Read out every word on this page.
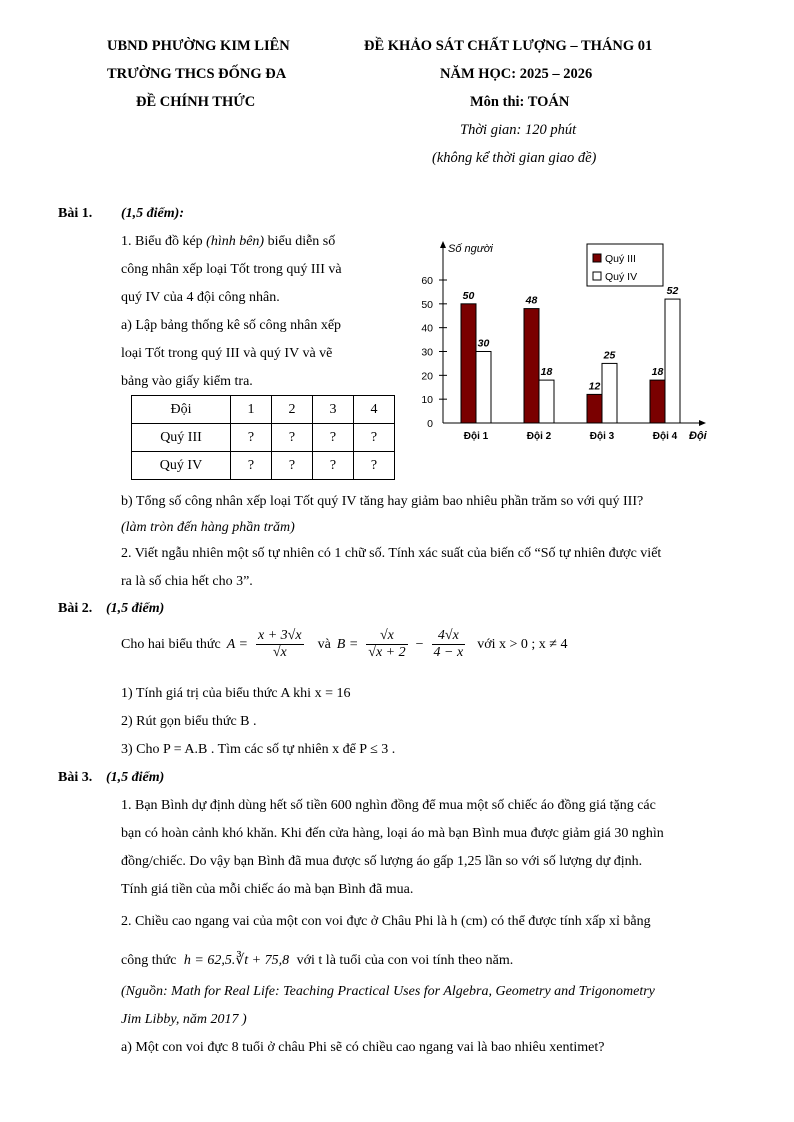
UBND PHƯỜNG KIM LIÊN
TRƯỜNG THCS ĐỐNG ĐA
ĐỀ CHÍNH THỨC
ĐỀ KHẢO SÁT CHẤT LƯỢNG – THÁNG 01
NĂM HỌC: 2025 – 2026
Môn thi: TOÁN
Thời gian: 120 phút
(không kể thời gian giao đề)
Bài 1. (1,5 điểm):
1. Biểu đồ kép (hình bên) biểu diễn số
công nhân xếp loại Tốt trong quý III và
quý IV của 4 đội công nhân.
a) Lập bảng thống kê số công nhân xếp
loại Tốt trong quý III và quý IV và vẽ
bảng vào giấy kiểm tra.
Đội	1	2	3	4
Quý III	?	?	?	?
Quý IV	?	?	?	?
Số người
Đội
0
10
20
30
40
50
60
50
30
Đội 1
48
18
Đội 2
12
25
Đội 3
18
52
Đội 4
Quý III
Quý IV
b) Tổng số công nhân xếp loại Tốt quý IV tăng hay giảm bao nhiêu phần trăm so với quý III?
(làm tròn đến hàng phần trăm)
2. Viết ngẫu nhiên một số tự nhiên có 1 chữ số. Tính xác suất của biến cố “Số tự nhiên được viết
ra là số chia hết cho 3”.
Bài 2. (1,5 điểm)
Cho hai biểu thức $A = \frac{x + 3√x}{√x}$ và $B = \frac{√x}{√x + 2} - \frac{4√x}{4 - x}$ với x > 0 ; x ≠ 4
1) Tính giá trị của biểu thức A khi x = 16
2) Rút gọn biểu thức B .
3) Cho P = A.B . Tìm các số tự nhiên x để P ≤ 3 .
Bài 3. (1,5 điểm)
1. Bạn Bình dự định dùng hết số tiền 600 nghìn đồng để mua một số chiếc áo đồng giá tặng các
bạn có hoàn cảnh khó khăn. Khi đến cửa hàng, loại áo mà bạn Bình mua được giảm giá 30 nghìn
đồng/chiếc. Do vậy bạn Bình đã mua được số lượng áo gấp 1,25 lần so với số lượng dự định.
Tính giá tiền của mỗi chiếc áo mà bạn Bình đã mua.
2. Chiều cao ngang vai của một con voi đực ở Châu Phi là h (cm) có thể được tính xấp xỉ bằng
công thức h = 62,5.∛t + 75,8 với t là tuổi của con voi tính theo năm.
(Nguồn: Math for Real Life: Teaching Practical Uses for Algebra, Geometry and Trigonometry
Jim Libby, năm 2017 )
a) Một con voi đực 8 tuổi ở châu Phi sẽ có chiều cao ngang vai là bao nhiêu xentimet?
